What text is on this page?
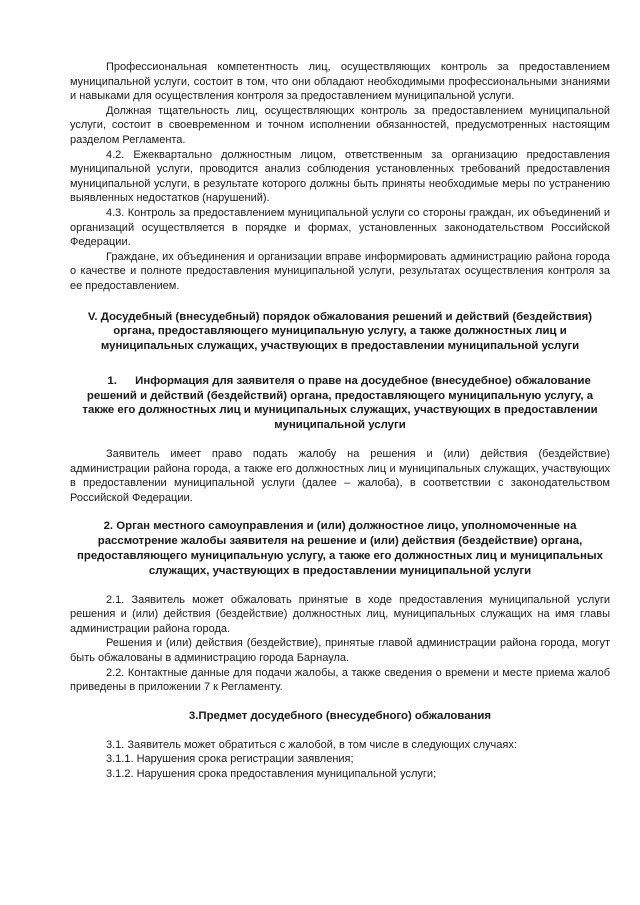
Профессиональная компетентность лиц, осуществляющих контроль за предоставлением муниципальной услуги, состоит в том, что они обладают необходимыми профессиональными знаниями и навыками для осуществления контроля за предоставлением муниципальной услуги.

Должная тщательность лиц, осуществляющих контроль за предоставлением муниципальной услуги, состоит в своевременном и точном исполнении обязанностей, предусмотренных настоящим разделом Регламента.

4.2. Ежеквартально должностным лицом, ответственным за организацию предоставления муниципальной услуги, проводится анализ соблюдения установленных требований предоставления муниципальной услуги, в результате которого должны быть приняты необходимые меры по устранению выявленных недостатков (нарушений).

4.3. Контроль за предоставлением муниципальной услуги со стороны граждан, их объединений и организаций осуществляется в порядке и формах, установленных законодательством Российской Федерации.

Граждане, их объединения и организации вправе информировать администрацию района города о качестве и полноте предоставления муниципальной услуги, результатах осуществления контроля за ее предоставлением.

V. Досудебный (внесудебный) порядок обжалования решений и действий (бездействия) органа, предоставляющего муниципальную услугу, а также должностных лиц и муниципальных служащих, участвующих в предоставлении муниципальной услуги

1. Информация для заявителя о праве на досудебное (внесудебное) обжалование решений и действий (бездействий) органа, предоставляющего муниципальную услугу, а также его должностных лиц и муниципальных служащих, участвующих в предоставлении муниципальной услуги

Заявитель имеет право подать жалобу на решения и (или) действия (бездействие) администрации района города, а также его должностных лиц и муниципальных служащих, участвующих в предоставлении муниципальной услуги (далее – жалоба), в соответствии с законодательством Российской Федерации.

2. Орган местного самоуправления и (или) должностное лицо, уполномоченные на рассмотрение жалобы заявителя на решение и (или) действия (бездействие) органа, предоставляющего муниципальную услугу, а также его должностных лиц и муниципальных служащих, участвующих в предоставлении муниципальной услуги

2.1. Заявитель может обжаловать принятые в ходе предоставления муниципальной услуги решения и (или) действия (бездействие) должностных лиц, муниципальных служащих на имя главы администрации района города.

Решения и (или) действия (бездействие), принятые главой администрации района города, могут быть обжалованы в администрацию города Барнаула.

2.2. Контактные данные для подачи жалобы, а также сведения о времени и месте приема жалоб приведены в приложении 7 к Регламенту.

3.Предмет досудебного (внесудебного) обжалования

3.1. Заявитель может обратиться с жалобой, в том числе в следующих случаях:

3.1.1. Нарушения срока регистрации заявления;

3.1.2. Нарушения срока предоставления муниципальной услуги;
